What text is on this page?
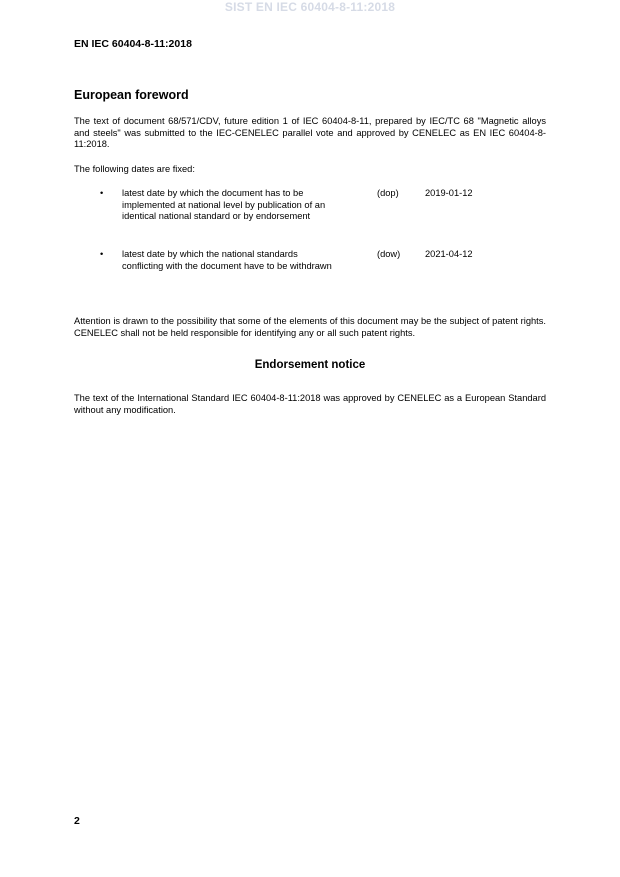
SIST EN IEC 60404-8-11:2018
EN IEC 60404-8-11:2018
European foreword
The text of document 68/571/CDV, future edition 1 of IEC 60404-8-11, prepared by IEC/TC 68 "Magnetic alloys and steels" was submitted to the IEC-CENELEC parallel vote and approved by CENELEC as EN IEC 60404-8-11:2018.
The following dates are fixed:
• latest date by which the document has to be implemented at national level by publication of an identical national standard or by endorsement
(dop)	2019-01-12
• latest date by which the national standards conflicting with the document have to be withdrawn
(dow)	2021-04-12
Attention is drawn to the possibility that some of the elements of this document may be the subject of patent rights. CENELEC shall not be held responsible for identifying any or all such patent rights.
Endorsement notice
The text of the International Standard IEC 60404-8-11:2018 was approved by CENELEC as a European Standard without any modification.
2
